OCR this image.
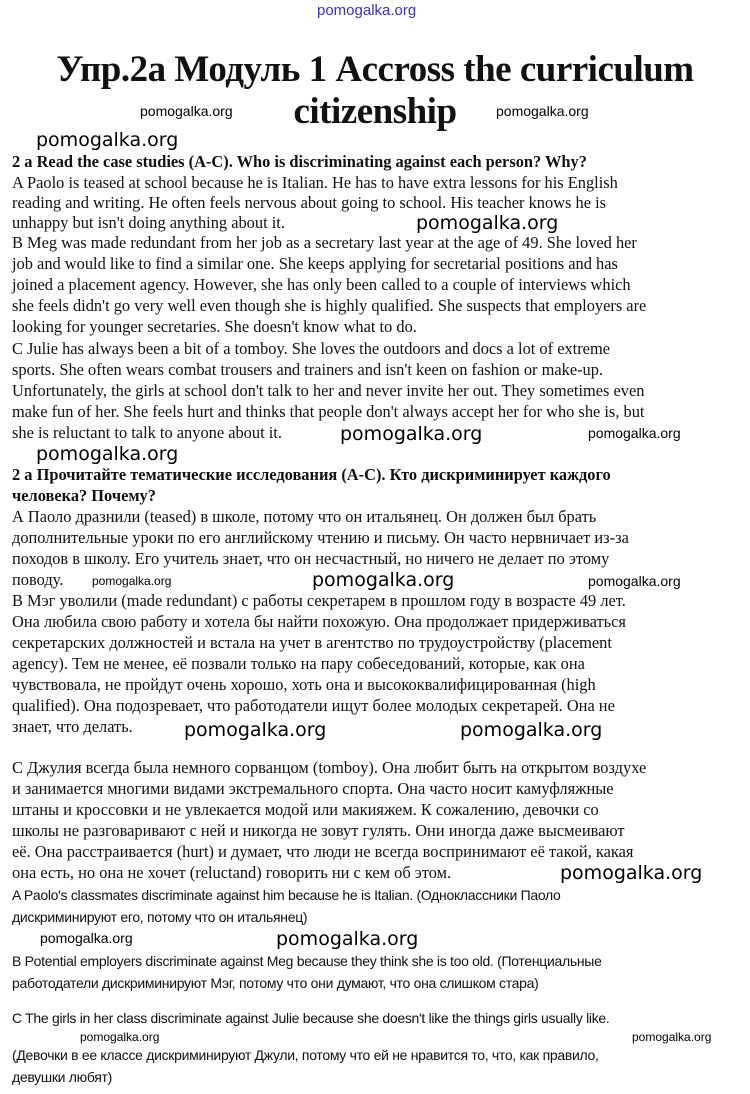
pomogalka.org
Упр.2a Модуль 1 Accross the curriculum
citizenship
pomogalka.org	pomogalka.org
pomogalka.org
2 a Read the case studies (A-C). Who is discriminating against each person? Why?
A Paolo is teased at school because he is Italian. He has to have extra lessons for his English
reading and writing. He often feels nervous about going to school. His teacher knows he is
unhappy but isn't doing anything about it.
B Meg was made redundant from her job as a secretary last year at the age of 49. She loved her
job and would like to find a similar one. She keeps applying for secretarial positions and has
joined a placement agency. However, she has only been called to a couple of interviews which
she feels didn't go very well even though she is highly qualified. She suspects that employers are
looking for younger secretaries. She doesn't know what to do.
C Julie has always been a bit of a tomboy. She loves the outdoors and docs a lot of extreme
sports. She often wears combat trousers and trainers and isn't keen on fashion or make-up.
Unfortunately, the girls at school don't talk to her and never invite her out. They sometimes even
make fun of her. She feels hurt and thinks that people don't always accept her for who she is, but
she is reluctant to talk to anyone about it.
pomogalka.org
pomogalka.org	pomogalka.org
pomogalka.org
2 а Прочитайте тематические исследования (A-C). Кто дискриминирует каждого
человека? Почему?
А Паоло дразнили (teased) в школе, потому что он итальянец. Он должен был брать
дополнительные уроки по его английскому чтению и письму. Он часто нервничает из-за
походов в школу. Его учитель знает, что он несчастный, но ничего не делает по этому
поводу.
В Мэг уволили (made redundant) с работы секретарем в прошлом году в возрасте 49 лет.
Она любила свою работу и хотела бы найти похожую. Она продолжает придерживаться
секретарских должностей и встала на учет в агентство по трудоустройству (placement
agency). Тем не менее, её позвали только на пару собеседований, которые, как она
чувствовала, не пройдут очень хорошо, хоть она и высококвалифицированная (high
qualified). Она подозревает, что работодатели ищут более молодых секретарей. Она не
знает, что делать.
С Джулия всегда была немного сорванцом (tomboy). Она любит быть на открытом воздухе
и занимается многими видами экстремального спорта. Она часто носит камуфляжные
штаны и кроссовки и не увлекается модой или макияжем. К сожалению, девочки со
школы не разговаривают с ней и никогда не зовут гулять. Они иногда даже высмеивают
её. Она расстраивается (hurt) и думает, что люди не всегда воспринимают её такой, какая
она есть, но она не хочет (reluctand) говорить ни с кем об этом.
pomogalka.org	pomogalka.org	pomogalka.org
pomogalka.org	pomogalka.org
pomogalka.org
A Paolo's classmates discriminate against him because he is Italian. (Одноклассники Паоло
дискриминируют его, потому что он итальянец)
B Potential employers discriminate against Meg because they think she is too old. (Потенциальные
работодатели дискриминируют Мэг, потому что они думают, что она слишком стара)
C The girls in her class discriminate against Julie because she doesn't like the things girls usually like.
(Девочки в ее классе дискриминируют Джули, потому что ей не нравится то, что, как правило,
девушки любят)
pomogalka.org	pomogalka.org
pomogalka.org	pomogalka.org
